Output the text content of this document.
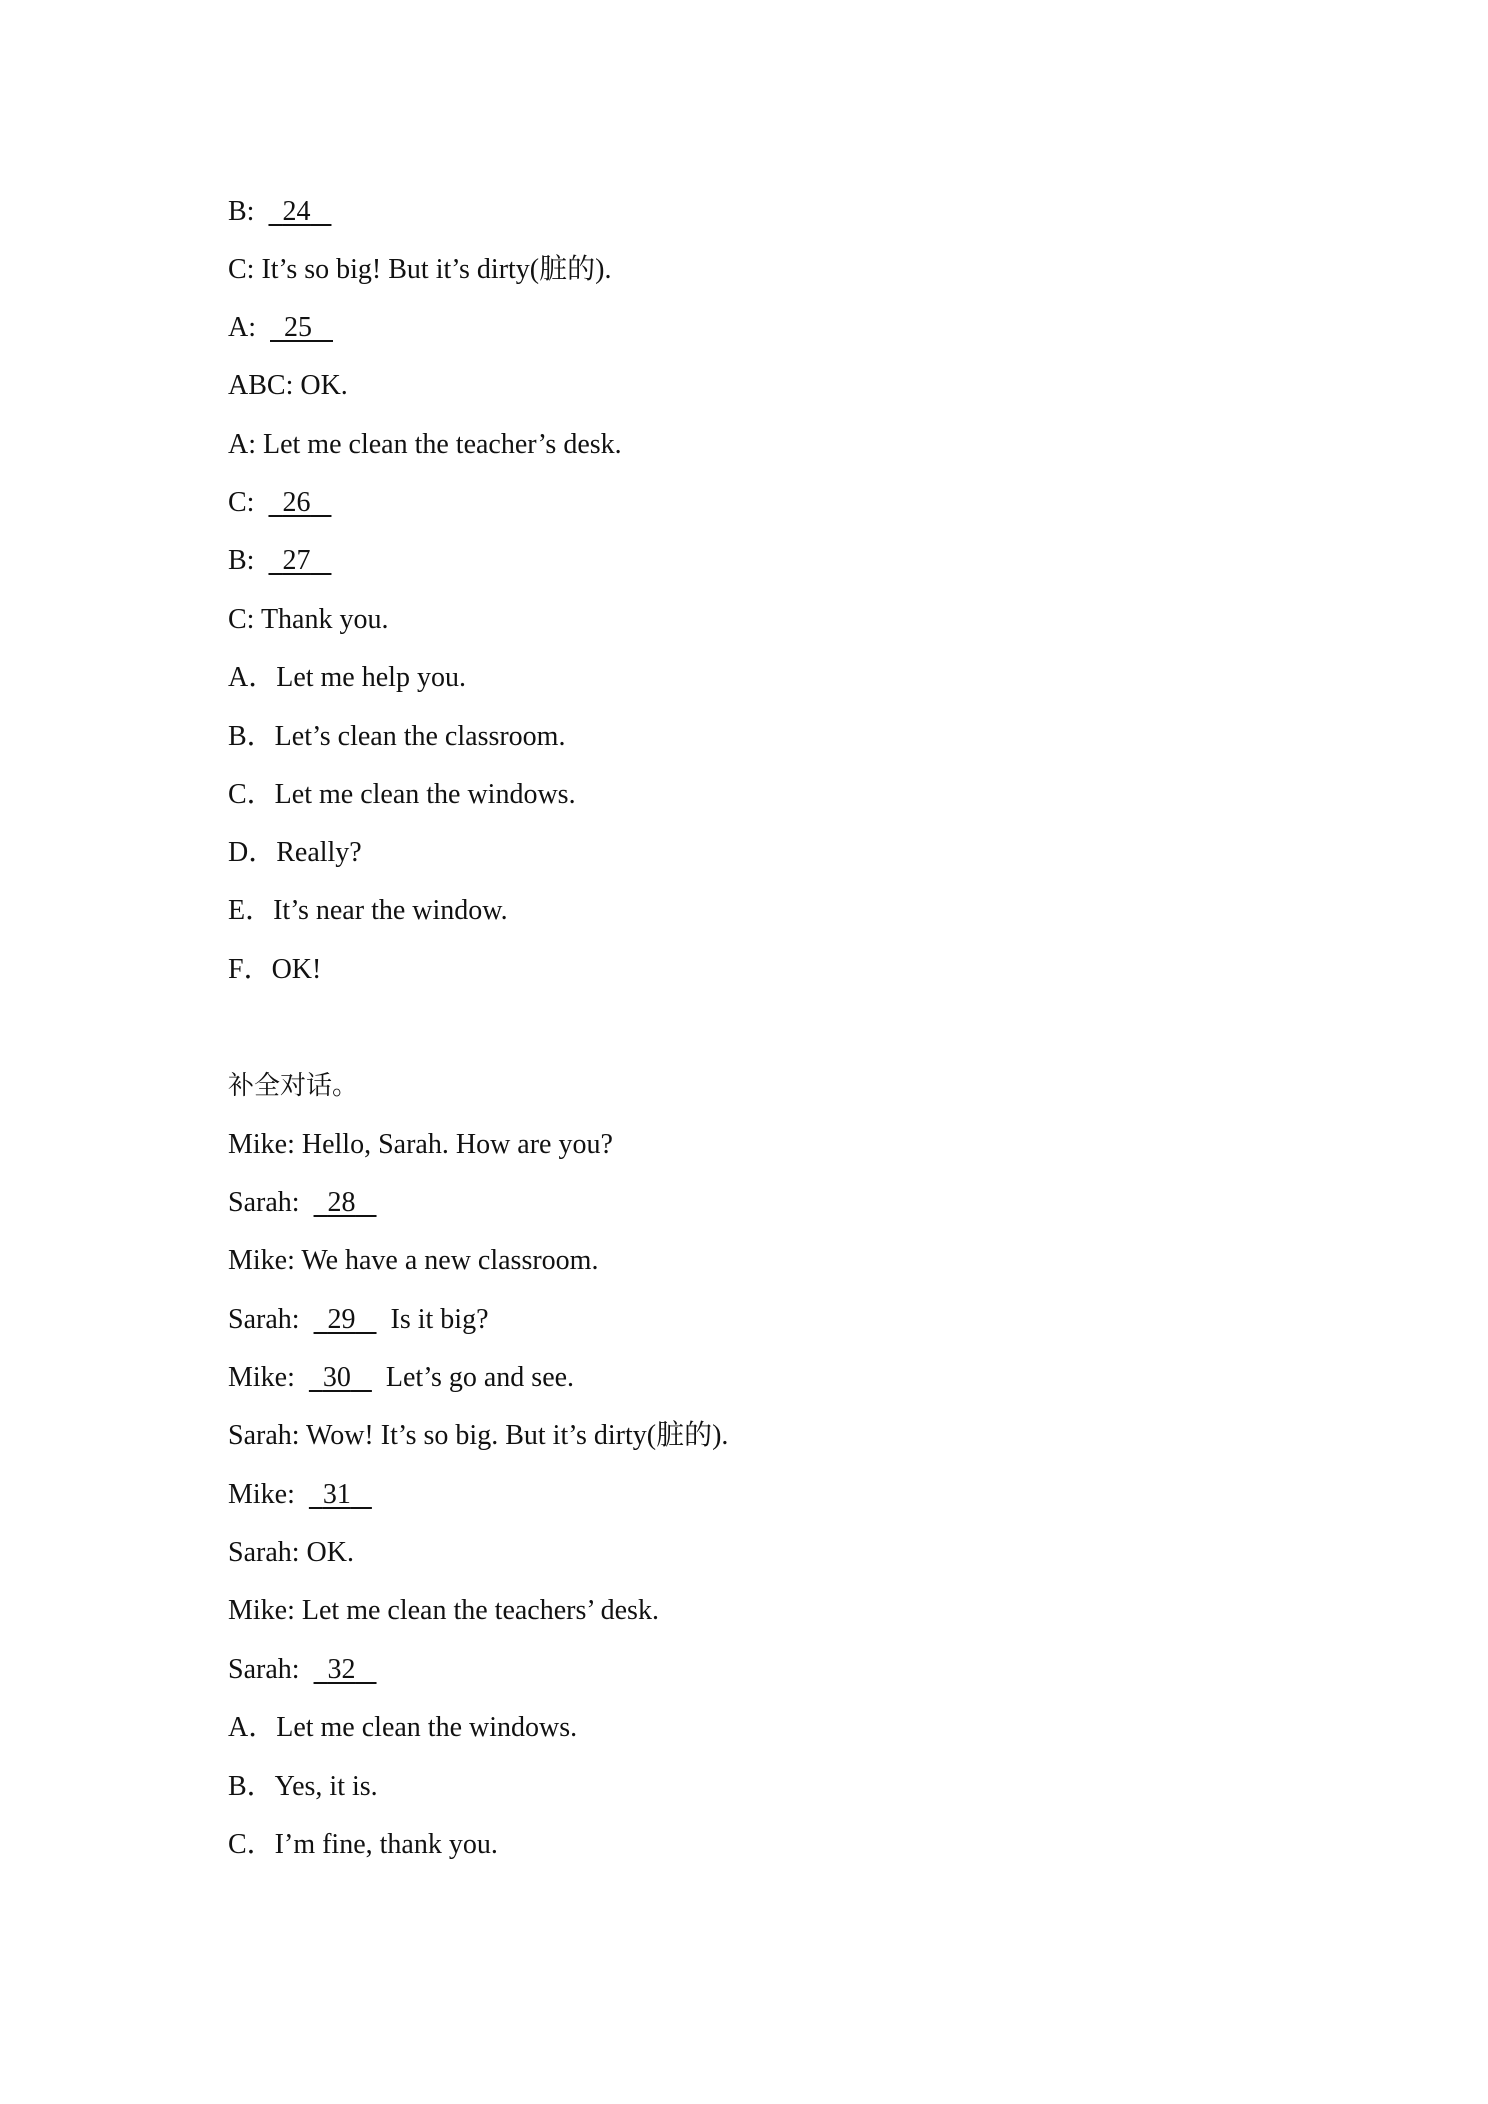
B: 24
C: It’s so big! But it’s dirty(脏的).
A: 25
ABC: OK.
A: Let me clean the teacher’s desk.
C: 26
B: 27
C: Thank you.
A．Let me help you.
B．Let’s clean the classroom.
C．Let me clean the windows.
D．Really?
E．It’s near the window.
F．OK!
补全对话。
Mike: Hello, Sarah. How are you?
Sarah: 28
Mike: We have a new classroom.
Sarah: 29 Is it big?
Mike: 30 Let’s go and see.
Sarah: Wow! It’s so big. But it’s dirty(脏的).
Mike: 31
Sarah: OK.
Mike: Let me clean the teachers’ desk.
Sarah: 32
A．Let me clean the windows.
B．Yes, it is.
C．I’m fine, thank you.
